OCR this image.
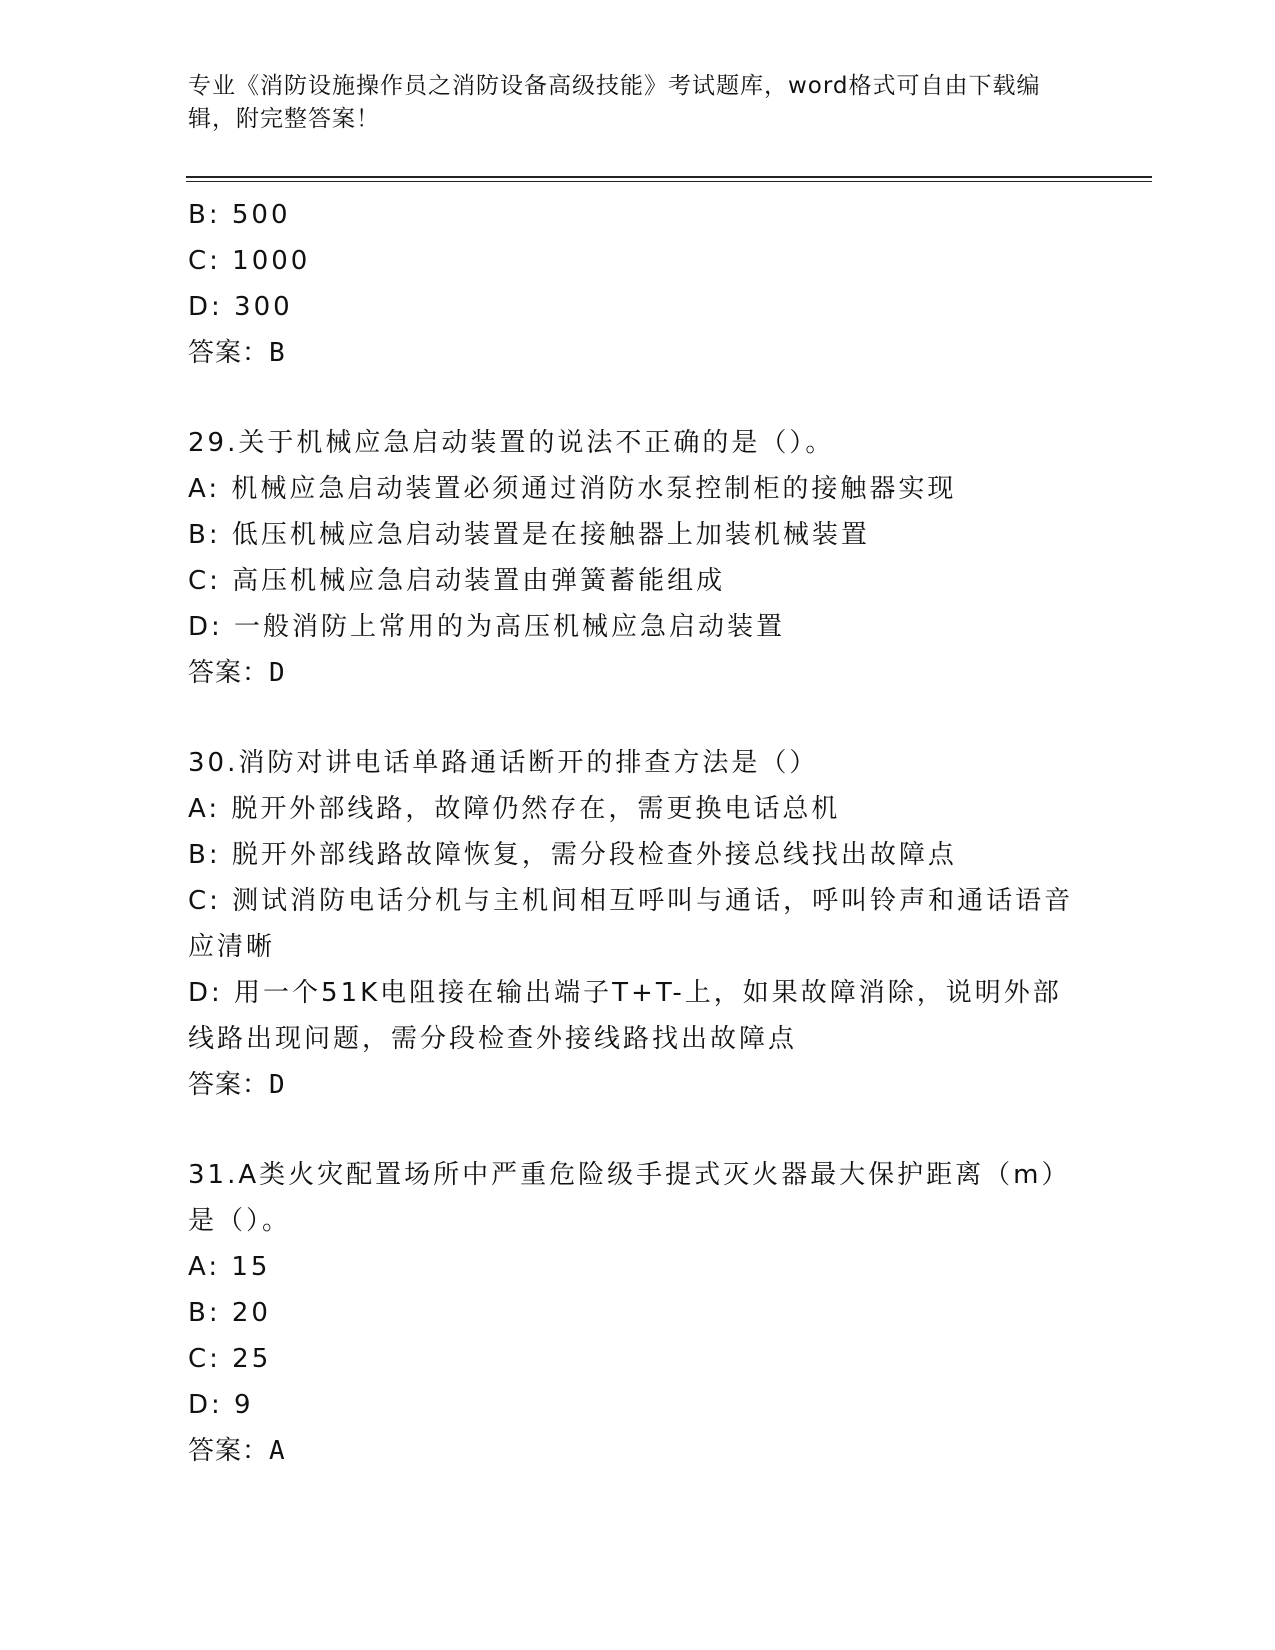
专业《消防设施操作员之消防设备高级技能》考试题库，word格式可自由下载编辑，附完整答案！

B: 500

C: 1000

D: 300

答案：B

29.关于机械应急启动装置的说法不正确的是（）。

A: 机械应急启动装置必须通过消防水泵控制柜的接触器实现

B: 低压机械应急启动装置是在接触器上加装机械装置

C: 高压机械应急启动装置由弹簧蓄能组成

D: 一般消防上常用的为高压机械应急启动装置

答案：D

30.消防对讲电话单路通话断开的排查方法是（）

A: 脱开外部线路，故障仍然存在，需更换电话总机

B: 脱开外部线路故障恢复，需分段检查外接总线找出故障点

C: 测试消防电话分机与主机间相互呼叫与通话，呼叫铃声和通话语音应清晰

D: 用一个51K电阻接在输出端子T+T-上，如果故障消除，说明外部线路出现问题，需分段检查外接线路找出故障点

答案：D

31.A类火灾配置场所中严重危险级手提式灭火器最大保护距离（m）是（）。

A: 15

B: 20

C: 25

D: 9

答案：A
